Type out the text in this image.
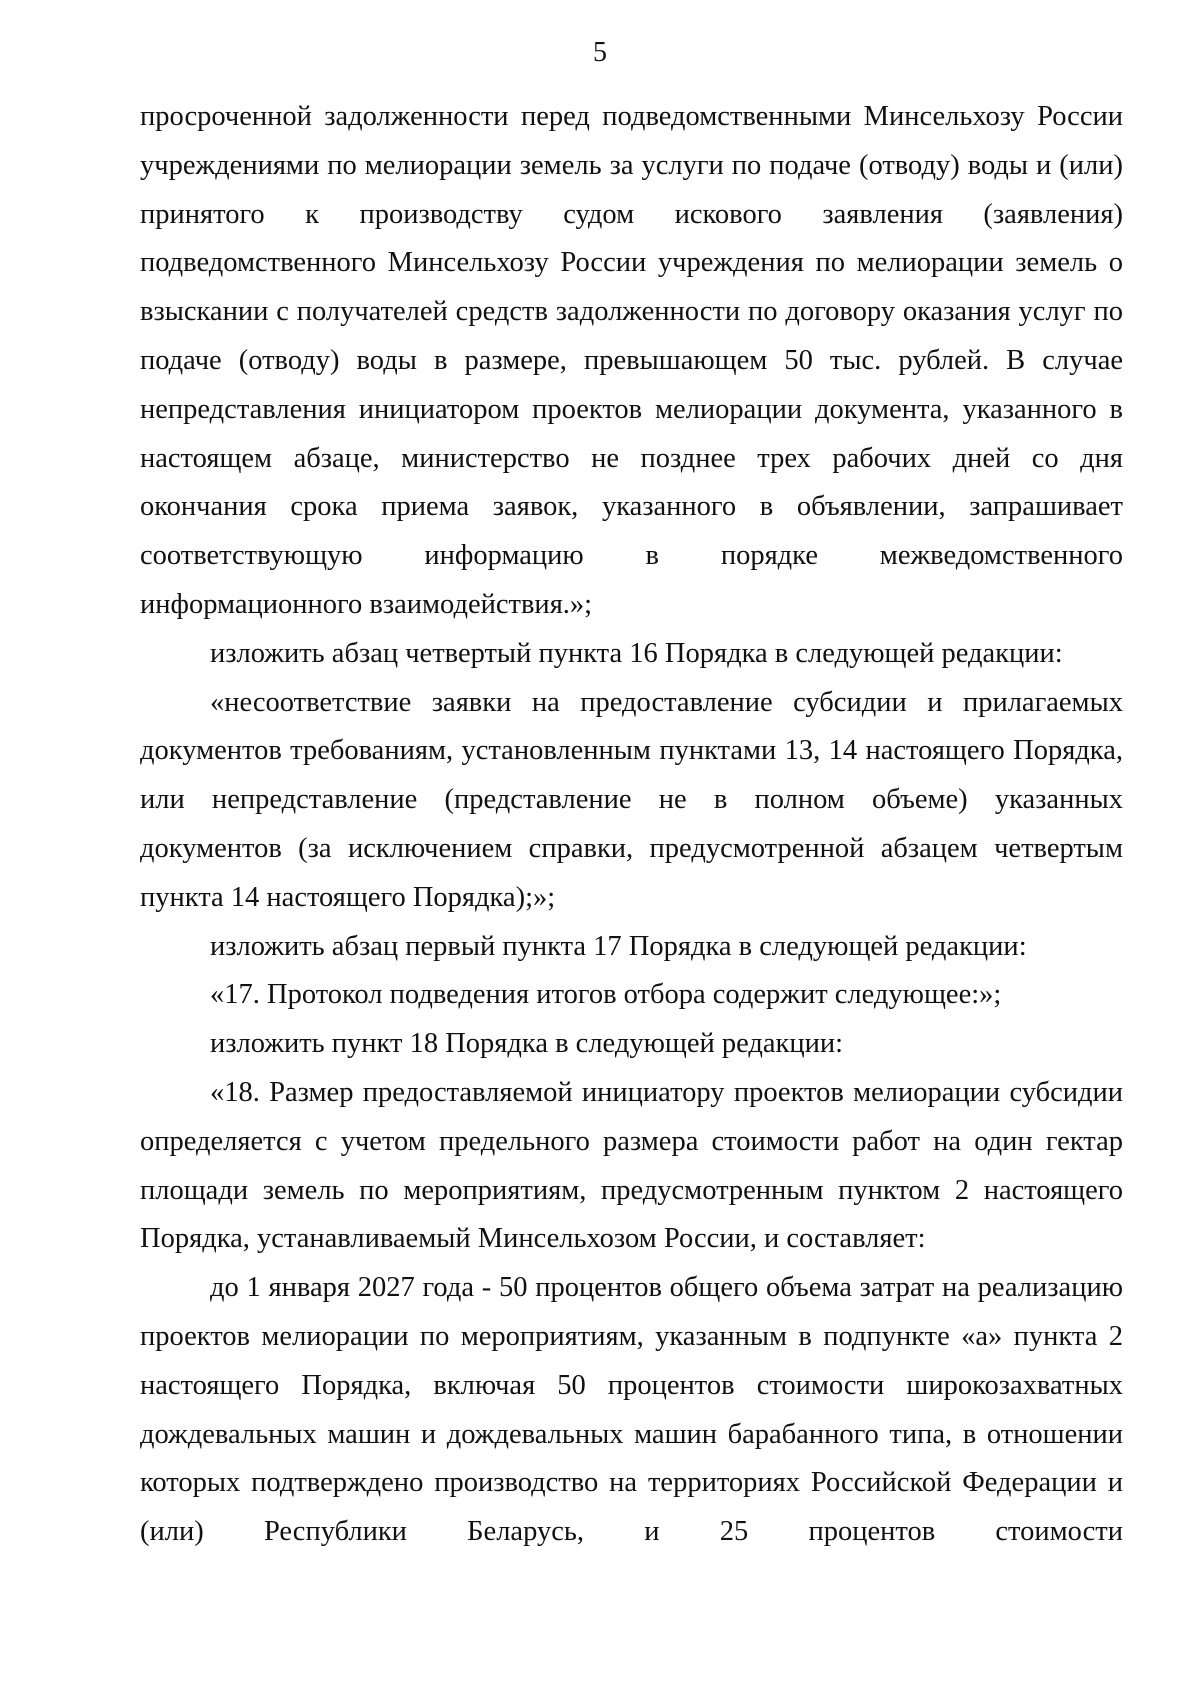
5

просроченной задолженности перед подведомственными Минсельхозу России учреждениями по мелиорации земель за услуги по подаче (отводу) воды и (или) принятого к производству судом искового заявления (заявления) подведомственного Минсельхозу России учреждения по мелиорации земель о взыскании с получателей средств задолженности по договору оказания услуг по подаче (отводу) воды в размере, превышающем 50 тыс. рублей. В случае непредставления инициатором проектов мелиорации документа, указанного в настоящем абзаце, министерство не позднее трех рабочих дней со дня окончания срока приема заявок, указанного в объявлении, запрашивает соответствующую информацию в порядке межведомственного информационного взаимодействия.»;

изложить абзац четвертый пункта 16 Порядка в следующей редакции:

«несоответствие заявки на предоставление субсидии и прилагаемых документов требованиям, установленным пунктами 13, 14 настоящего Порядка, или непредставление (представление не в полном объеме) указанных документов (за исключением справки, предусмотренной абзацем четвертым пункта 14 настоящего Порядка);»;

изложить абзац первый пункта 17 Порядка в следующей редакции:

«17. Протокол подведения итогов отбора содержит следующее:»;

изложить пункт 18 Порядка в следующей редакции:

«18. Размер предоставляемой инициатору проектов мелиорации субсидии определяется с учетом предельного размера стоимости работ на один гектар площади земель по мероприятиям, предусмотренным пунктом 2 настоящего Порядка, устанавливаемый Минсельхозом России, и составляет:

до 1 января 2027 года - 50 процентов общего объема затрат на реализацию проектов мелиорации по мероприятиям, указанным в подпункте «а» пункта 2 настоящего Порядка, включая 50 процентов стоимости широкозахватных дождевальных машин и дождевальных машин барабанного типа, в отношении которых подтверждено производство на территориях Российской Федерации и (или) Республики Беларусь, и 25 процентов стоимости
